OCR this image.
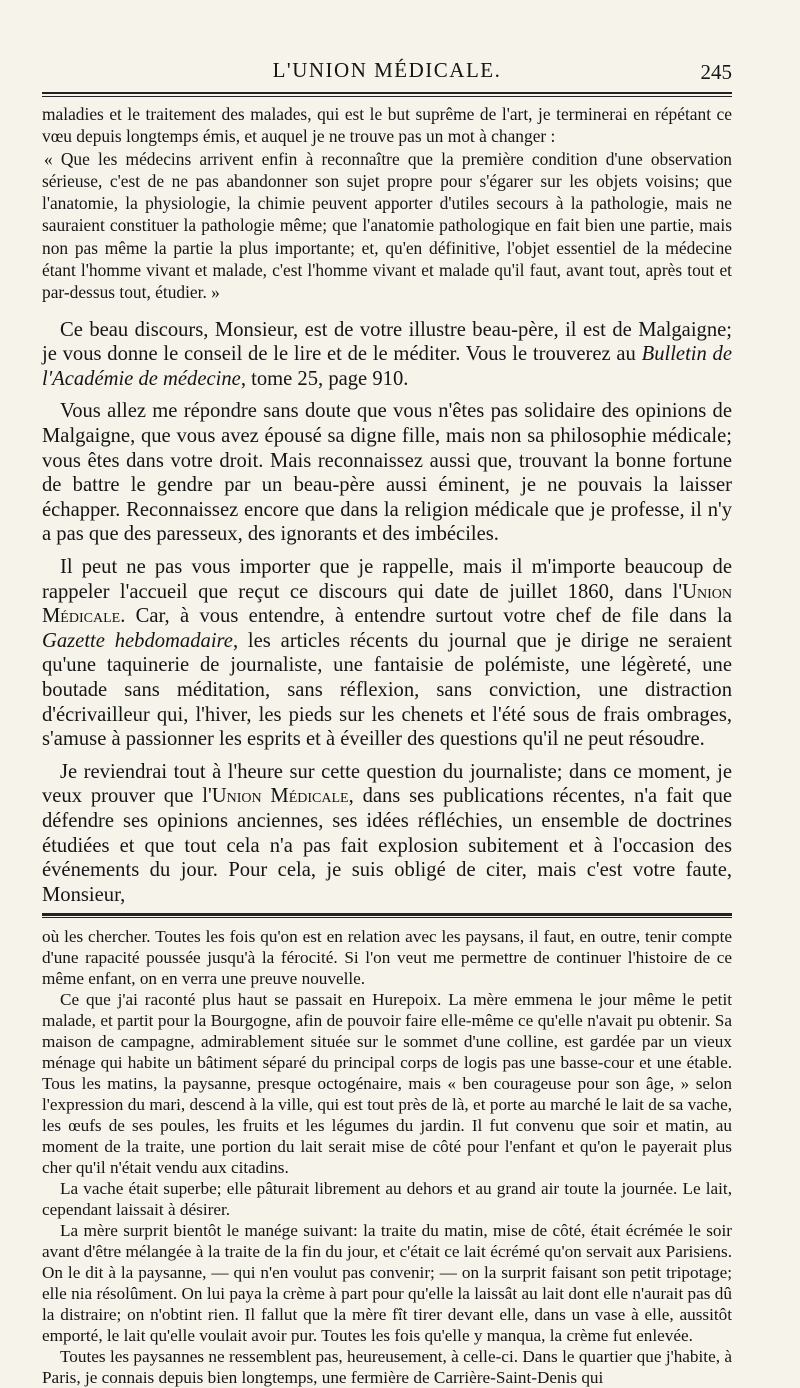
L'UNION MÉDICALE.	245

maladies et le traitement des malades, qui est le but suprême de l'art, je terminerai en répétant ce vœu depuis longtemps émis, et auquel je ne trouve pas un mot à changer :

« Que les médecins arrivent enfin à reconnaître que la première condition d'une observation sérieuse, c'est de ne pas abandonner son sujet propre pour s'égarer sur les objets voisins; que l'anatomie, la physiologie, la chimie peuvent apporter d'utiles secours à la pathologie, mais ne sauraient constituer la pathologie même; que l'anatomie pathologique en fait bien une partie, mais non pas même la partie la plus importante; et, qu'en définitive, l'objet essentiel de la médecine étant l'homme vivant et malade, c'est l'homme vivant et malade qu'il faut, avant tout, après tout et par-dessus tout, étudier. »

Ce beau discours, Monsieur, est de votre illustre beau-père, il est de Malgaigne; je vous donne le conseil de le lire et de le méditer. Vous le trouverez au Bulletin de l'Académie de médecine, tome 25, page 910.

Vous allez me répondre sans doute que vous n'êtes pas solidaire des opinions de Malgaigne, que vous avez épousé sa digne fille, mais non sa philosophie médicale; vous êtes dans votre droit. Mais reconnaissez aussi que, trouvant la bonne fortune de battre le gendre par un beau-père aussi éminent, je ne pouvais la laisser échapper. Reconnaissez encore que dans la religion médicale que je professe, il n'y a pas que des paresseux, des ignorants et des imbéciles.

Il peut ne pas vous importer que je rappelle, mais il m'importe beaucoup de rappeler l'accueil que reçut ce discours qui date de juillet 1860, dans l'Union Médicale. Car, à vous entendre, à entendre surtout votre chef de file dans la Gazette hebdomadaire, les articles récents du journal que je dirige ne seraient qu'une taquinerie de journaliste, une fantaisie de polémiste, une légèreté, une boutade sans méditation, sans réflexion, sans conviction, une distraction d'écrivailleur qui, l'hiver, les pieds sur les chenets et l'été sous de frais ombrages, s'amuse à passionner les esprits et à éveiller des questions qu'il ne peut résoudre.

Je reviendrai tout à l'heure sur cette question du journaliste; dans ce moment, je veux prouver que l'Union Médicale, dans ses publications récentes, n'a fait que défendre ses opinions anciennes, ses idées réfléchies, un ensemble de doctrines étudiées et que tout cela n'a pas fait explosion subitement et à l'occasion des événements du jour. Pour cela, je suis obligé de citer, mais c'est votre faute, Monsieur,

où les chercher. Toutes les fois qu'on est en relation avec les paysans, il faut, en outre, tenir compte d'une rapacité poussée jusqu'à la férocité. Si l'on veut me permettre de continuer l'histoire de ce même enfant, on en verra une preuve nouvelle.

Ce que j'ai raconté plus haut se passait en Hurepoix. La mère emmena le jour même le petit malade, et partit pour la Bourgogne, afin de pouvoir faire elle-même ce qu'elle n'avait pu obtenir. Sa maison de campagne, admirablement située sur le sommet d'une colline, est gardée par un vieux ménage qui habite un bâtiment séparé du principal corps de logis pas une basse-cour et une étable. Tous les matins, la paysanne, presque octogénaire, mais « ben courageuse pour son âge, » selon l'expression du mari, descend à la ville, qui est tout près de là, et porte au marché le lait de sa vache, les œufs de ses poules, les fruits et les légumes du jardin. Il fut convenu que soir et matin, au moment de la traite, une portion du lait serait mise de côté pour l'enfant et qu'on le payerait plus cher qu'il n'était vendu aux citadins.

La vache était superbe; elle pâturait librement au dehors et au grand air toute la journée. Le lait, cependant laissait à désirer.

La mère surprit bientôt le manége suivant: la traite du matin, mise de côté, était écrémée le soir avant d'être mélangée à la traite de la fin du jour, et c'était ce lait écrémé qu'on servait aux Parisiens. On le dit à la paysanne, — qui n'en voulut pas convenir; — on la surprit faisant son petit tripotage; elle nia résolûment. On lui paya la crème à part pour qu'elle la laissât au lait dont elle n'aurait pas dû la distraire; on n'obtint rien. Il fallut que la mère fît tirer devant elle, dans un vase à elle, aussitôt emporté, le lait qu'elle voulait avoir pur. Toutes les fois qu'elle y manqua, la crème fut enlevée.

Toutes les paysannes ne ressemblent pas, heureusement, à celle-ci. Dans le quartier que j'habite, à Paris, je connais depuis bien longtemps, une fermière de Carrière-Saint-Denis qui
